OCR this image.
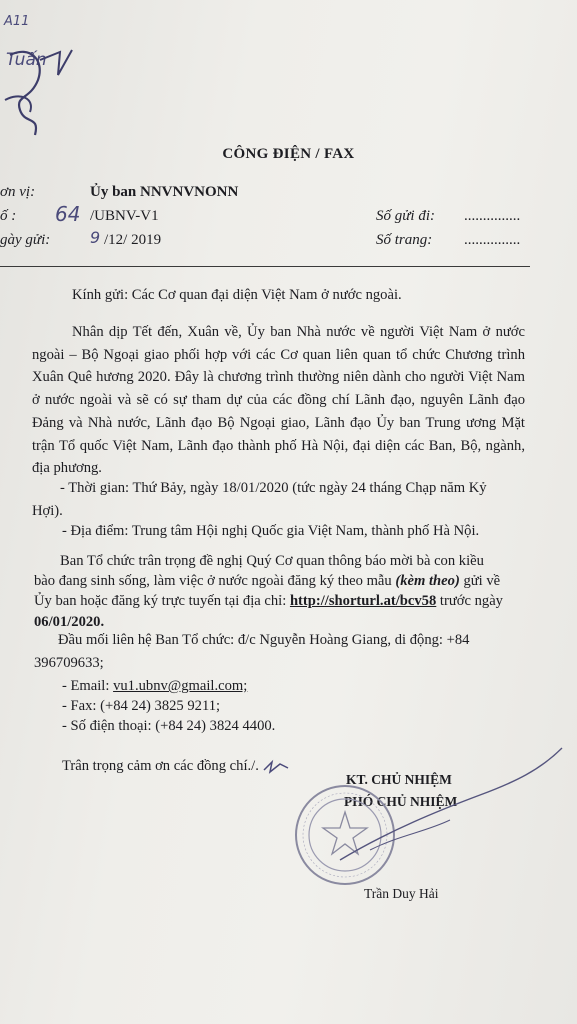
A11
Tuấn
CÔNG ĐIỆN / FAX
ơn vị:	Ủy ban NNVNVNONN
ố : 64 /UBNV-V1
gày gửi: 9 /12/ 2019
Số gửi đi: ...............
Số trang: ...............
Kính gửi: Các Cơ quan đại diện Việt Nam ở nước ngoài.
Nhân dịp Tết đến, Xuân về, Ủy ban Nhà nước về người Việt Nam ở nước ngoài – Bộ Ngoại giao phối hợp với các Cơ quan liên quan tổ chức Chương trình Xuân Quê hương 2020. Đây là chương trình thường niên dành cho người Việt Nam ở nước ngoài và sẽ có sự tham dự của các đồng chí Lãnh đạo, nguyên Lãnh đạo Đảng và Nhà nước, Lãnh đạo Bộ Ngoại giao, Lãnh đạo Ủy ban Trung ương Mặt trận Tổ quốc Việt Nam, Lãnh đạo thành phố Hà Nội, đại diện các Ban, Bộ, ngành, địa phương.
- Thời gian: Thứ Bảy, ngày 18/01/2020 (tức ngày 24 tháng Chạp năm Kỷ
Hợi).
- Địa điểm: Trung tâm Hội nghị Quốc gia Việt Nam, thành phố Hà Nội.
Ban Tổ chức trân trọng đề nghị Quý Cơ quan thông báo mời bà con kiều
bào đang sinh sống, làm việc ở nước ngoài đăng ký theo mẫu (kèm theo) gửi về
Ủy ban hoặc đăng ký trực tuyến tại địa chỉ: http://shorturl.at/bcv58 trước ngày
06/01/2020.
Đầu mối liên hệ Ban Tổ chức: đ/c Nguyễn Hoàng Giang, di động: +84
396709633;
- Email: vu1.ubnv@gmail.com;
- Fax: (+84 24) 3825 9211;
- Số điện thoại: (+84 24) 3824 4400.
Trân trọng cảm ơn các đồng chí./.
KT. CHỦ NHIỆM
PHÓ CHỦ NHIỆM
Trần Duy Hải
